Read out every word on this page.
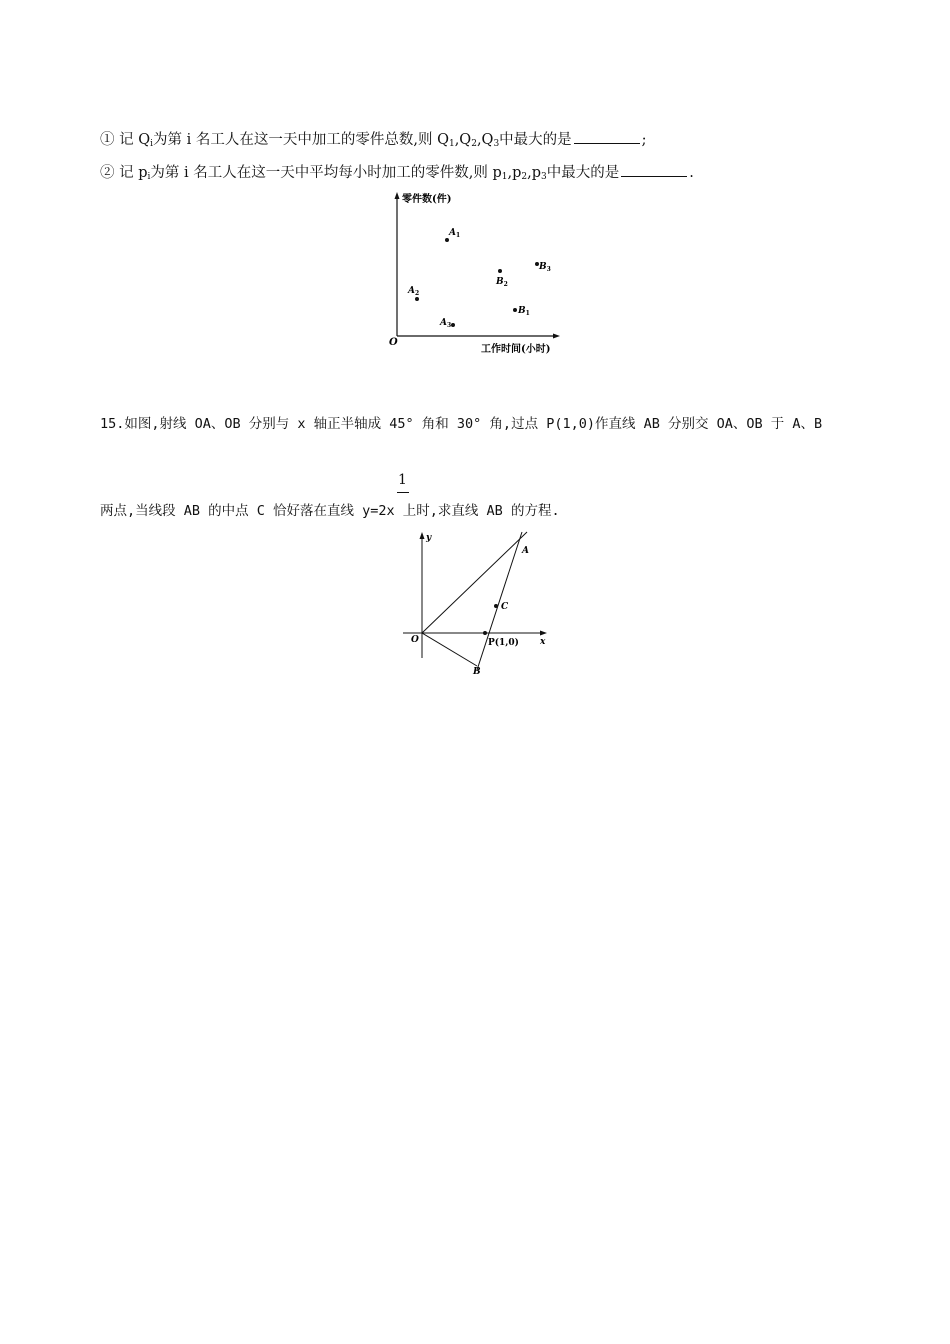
① 记 $Q_i$为第 i 名工人在这一天中加工的零件总数,则 $Q_1,Q_2,Q_3$中最大的是	;
② 记 $p_i$为第 i 名工人在这一天中平均每小时加工的零件数,则 $p_1,p_2,p_3$中最大的是	.
零件数(件)
工作时间(小时)
O
$A_1$
$A_2$
$A_3$
$B_1$
$B_2$
$B_3$
15.如图,射线 OA、OB 分别与 x 轴正半轴成 45° 角和 30° 角,过点 P(1,0)作直线 AB 分别交 OA、OB 于 A、B
1
两点,当线段 AB 的中点 C 恰好落在直线 y=2x 上时,求直线 AB 的方程.
y
x
O
A
B
C
P(1,0)
